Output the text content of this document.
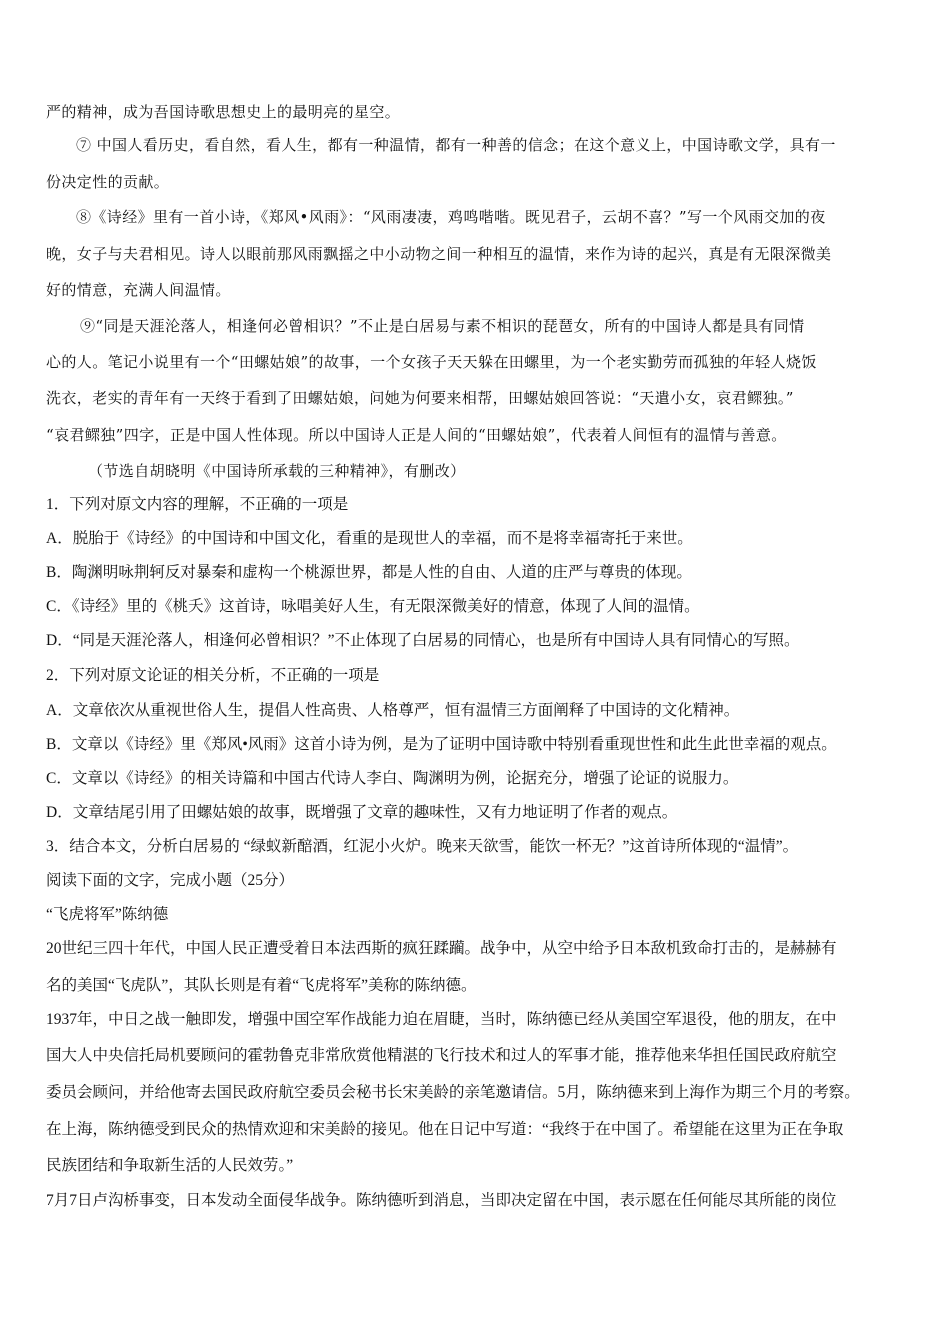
严的精神，成为吾国诗歌思想史上的最明亮的星空。
⑦ 中国人看历史，看自然，看人生，都有一种温情，都有一种善的信念；在这个意义上，中国诗歌文学，具有一
份决定性的贡献。
⑧《诗经》里有一首小诗，《郑风•风雨》：“风雨凄凄，鸡鸣喈喈。既见君子，云胡不喜？”写一个风雨交加的夜
晚，女子与夫君相见。诗人以眼前那风雨飘摇之中小动物之间一种相互的温情，来作为诗的起兴，真是有无限深微美
好的情意，充满人间温情。
⑨“同是天涯沦落人，相逢何必曾相识？”不止是白居易与素不相识的琵琶女，所有的中国诗人都是具有同情
心的人。笔记小说里有一个“田螺姑娘”的故事，一个女孩子天天躲在田螺里，为一个老实勤劳而孤独的年轻人烧饭
洗衣，老实的青年有一天终于看到了田螺姑娘，问她为何要来相帮，田螺姑娘回答说：“天遣小女，哀君鳏独。”
“哀君鳏独”四字，正是中国人性体现。所以中国诗人正是人间的“田螺姑娘”，代表着人间恒有的温情与善意。
（节选自胡晓明《中国诗所承载的三种精神》，有删改）
1．下列对原文内容的理解，不正确的一项是
A．脱胎于《诗经》的中国诗和中国文化，看重的是现世人的幸福，而不是将幸福寄托于来世。
B．陶渊明咏荆轲反对暴秦和虚构一个桃源世界，都是人性的自由、人道的庄严与尊贵的体现。
C．《诗经》里的《桃夭》这首诗，咏唱美好人生，有无限深微美好的情意，体现了人间的温情。
D．“同是天涯沦落人，相逢何必曾相识？”不止体现了白居易的同情心，也是所有中国诗人具有同情心的写照。
2．下列对原文论证的相关分析，不正确的一项是
A．文章依次从重视世俗人生，提倡人性高贵、人格尊严，恒有温情三方面阐释了中国诗的文化精神。
B．文章以《诗经》里《郑风•风雨》这首小诗为例，是为了证明中国诗歌中特别看重现世性和此生此世幸福的观点。
C．文章以《诗经》的相关诗篇和中国古代诗人李白、陶渊明为例，论据充分，增强了论证的说服力。
D．文章结尾引用了田螺姑娘的故事，既增强了文章的趣味性，又有力地证明了作者的观点。
3．结合本文，分析白居易的 “绿蚁新醅酒，红泥小火炉。晚来天欲雪，能饮一杯无？”这首诗所体现的“温情”。
阅读下面的文字，完成小题（25分）
“飞虎将军”陈纳德
20世纪三四十年代，中国人民正遭受着日本法西斯的疯狂蹂躏。战争中，从空中给予日本敌机致命打击的，是赫赫有
名的美国“飞虎队”，其队长则是有着“飞虎将军”美称的陈纳德。
1937年，中日之战一触即发，增强中国空军作战能力迫在眉睫，当时，陈纳德已经从美国空军退役，他的朋友，在中
国大人中央信托局机要顾问的霍勃鲁克非常欣赏他精湛的飞行技术和过人的军事才能，推荐他来华担任国民政府航空
委员会顾问，并给他寄去国民政府航空委员会秘书长宋美龄的亲笔邀请信。5月，陈纳德来到上海作为期三个月的考察。
在上海，陈纳德受到民众的热情欢迎和宋美龄的接见。他在日记中写道：“我终于在中国了。希望能在这里为正在争取
民族团结和争取新生活的人民效劳。”
7月7日卢沟桥事变，日本发动全面侵华战争。陈纳德听到消息，当即决定留在中国，表示愿在任何能尽其所能的岗位
